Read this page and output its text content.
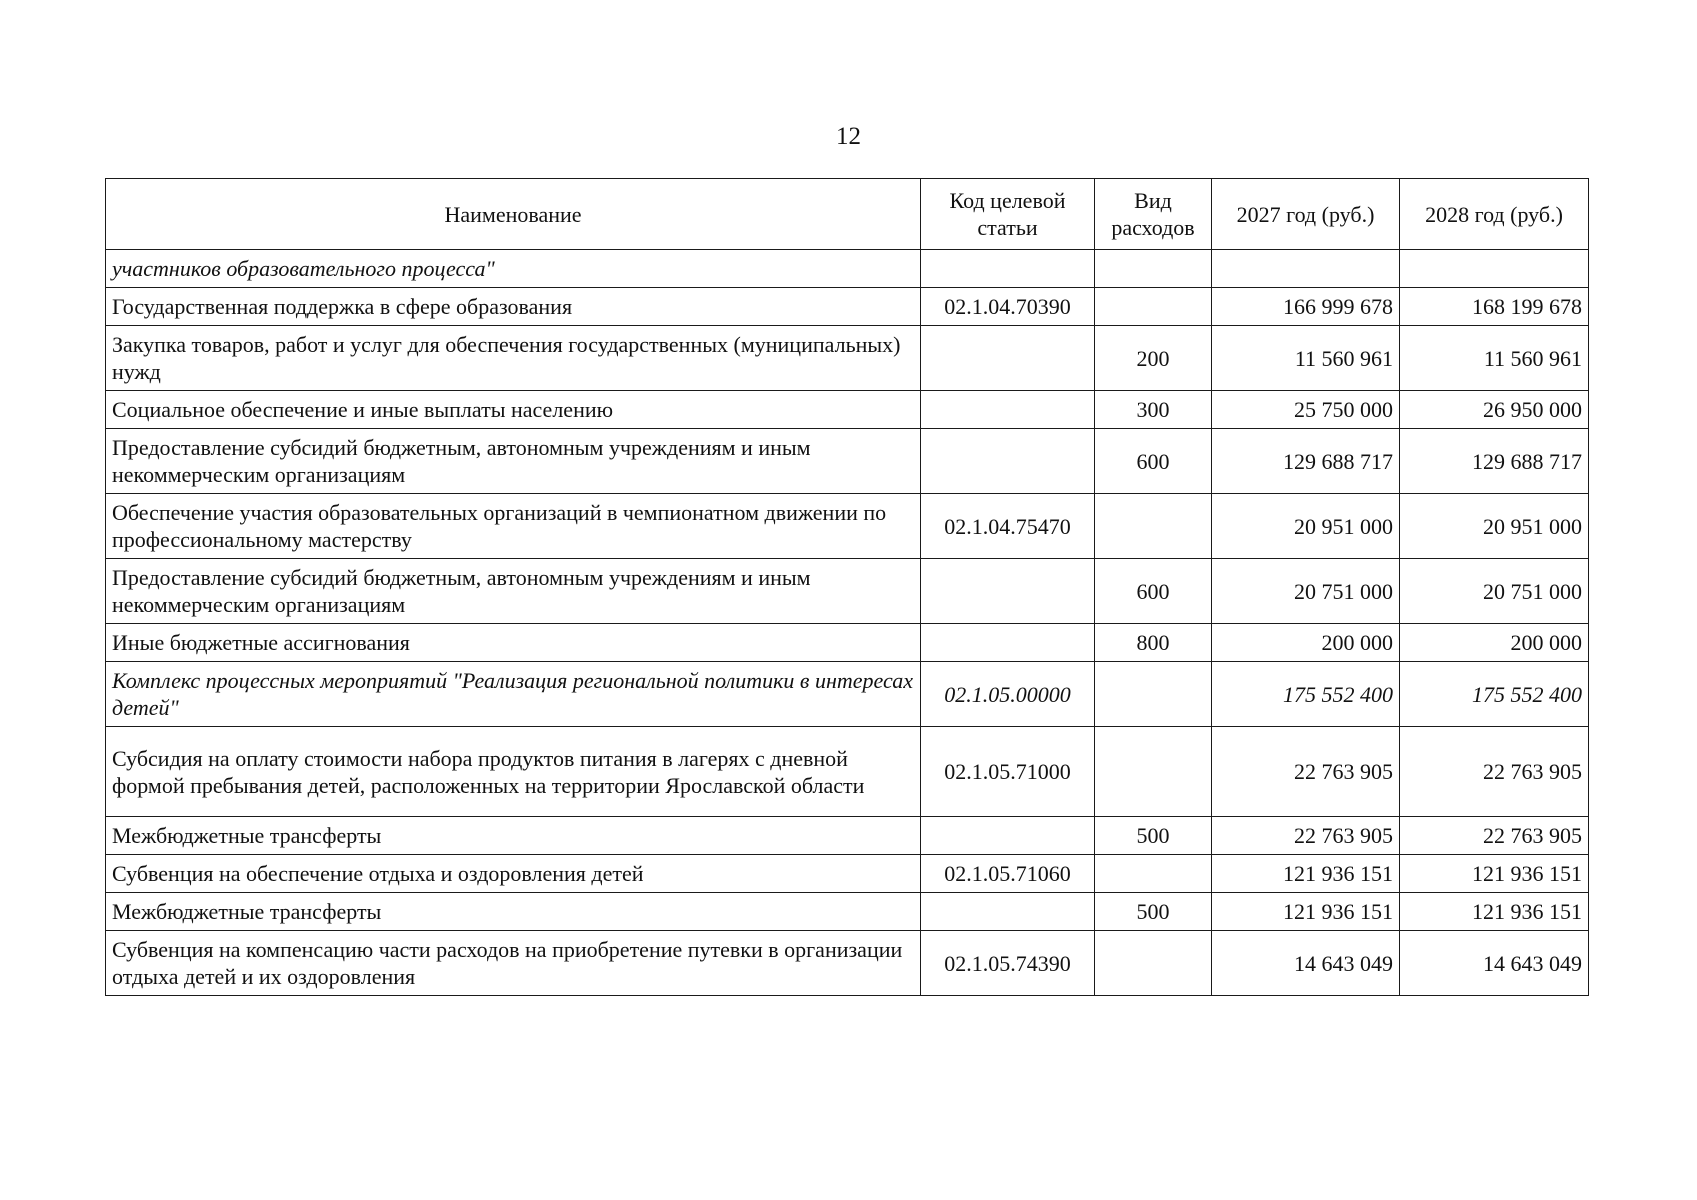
12
Наименование	Код целевой статьи	Вид расходов	2027 год (руб.)	2028 год (руб.)
участников образовательного процесса"				
Государственная поддержка в сфере образования	02.1.04.70390		166 999 678	168 199 678
Закупка товаров, работ и услуг для обеспечения государственных (муниципальных) нужд		200	11 560 961	11 560 961
Социальное обеспечение и иные выплаты населению		300	25 750 000	26 950 000
Предоставление субсидий бюджетным, автономным учреждениям и иным некоммерческим организациям		600	129 688 717	129 688 717
Обеспечение участия образовательных организаций в чемпионатном движении по профессиональному мастерству	02.1.04.75470		20 951 000	20 951 000
Предоставление субсидий бюджетным, автономным учреждениям и иным некоммерческим организациям		600	20 751 000	20 751 000
Иные бюджетные ассигнования		800	200 000	200 000
Комплекс процессных мероприятий "Реализация региональной политики в интересах детей"	02.1.05.00000		175 552 400	175 552 400
Субсидия на оплату стоимости набора продуктов питания в лагерях с дневной формой пребывания детей, расположенных на территории Ярославской области	02.1.05.71000		22 763 905	22 763 905
Межбюджетные трансферты		500	22 763 905	22 763 905
Субвенция на обеспечение отдыха и оздоровления детей	02.1.05.71060		121 936 151	121 936 151
Межбюджетные трансферты		500	121 936 151	121 936 151
Субвенция на компенсацию части расходов на приобретение путевки в организации отдыха детей и их оздоровления	02.1.05.74390		14 643 049	14 643 049
